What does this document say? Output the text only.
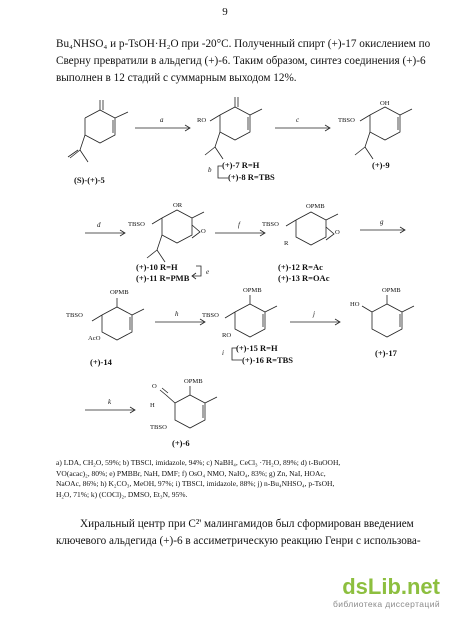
9
Bu₄NHSO₄ и p-TsOH·H₂O при -20°C. Полученный спирт (+)-17 окислением по
Сверну превратили в альдегид (+)-6. Таким образом, синтез соединения (+)-6
выполнен в 12 стадий с суммарным выходом 12%.
(S)-(+)-5
a	RO
b (+)-7 R=H
(+)-8 R=TBS
c	TBSO
OH
(+)-9
d	TBSO
OR
O
(+)-10 R=H
(+)-11 R=PMB
e
f	TBSO
OPMB
R
O
(+)-12 R=Ac
(+)-13 R=OAc
g
TBSO
OPMB
AcO
(+)-14
h	TBSO
OPMB
RO
i (+)-15 R=H
(+)-16 R=TBS
j
HO
OPMB
(+)-17
k
O
H
OPMB
TBSO
(+)-6
a) LDA, CH₂O, 59%; b) TBSCl, imidazole, 94%; c) NaBH₄, CeCl₃ ·7H₂O, 89%; d) t-BuOOH,
VO(acac)₂, 80%; e) PMBBr, NaH, DMF; f) OsO₄ NMO, NaIO₄, 83%; g) Zn, NaI, HOAc,
NaOAc, 86%; h) K₂CO₃, MeOH, 97%; i) TBSCl, imidazole, 88%; j) n-Bu₄NHSO₄, p-TsOH,
H₂O, 71%; k) (COCl)₂, DMSO, Et₃N, 95%.
Хиральный центр при C²' малингамидов был сформирован введением
ключевого альдегида (+)-6 в ассиметрическую реакцию Генри с использова-
dsLib.net
библиотека диссертаций
